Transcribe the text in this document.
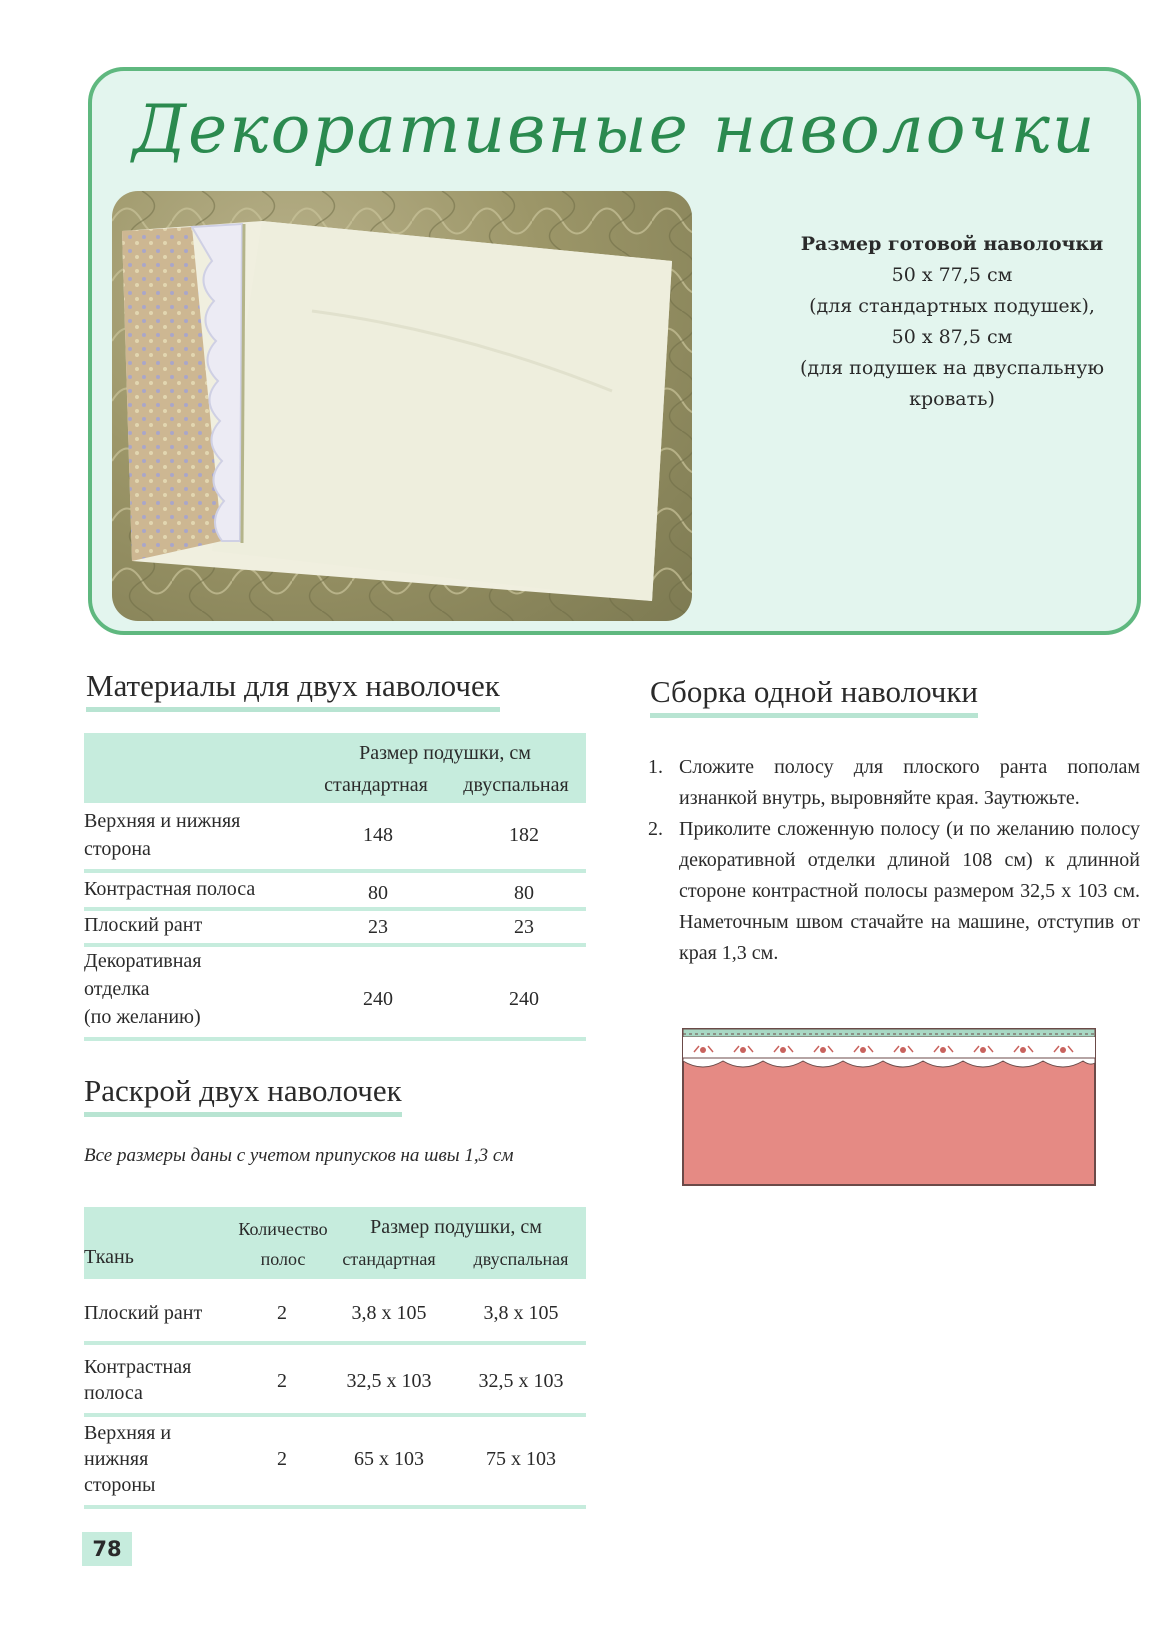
Декоративные наволочки
Размер готовой наволочки
50 x 77,5 см
(для стандартных подушек),
50 x 87,5 см
(для подушек на двуспальную
кровать)
Материалы для двух наволочек
Размер подушки, см
стандартная	двуспальная
Верхняя и нижняя
сторона
148	182
Контрастная полоса	80	80
Плоский рант	23	23
Декоративная
отделка
(по желанию)
240	240
Раскрой двух наволочек
Все размеры даны с учетом припусков на швы 1,3 см
Ткань
Количество
полос
Размер подушки, см
стандартная	двуспальная
Плоский рант	2	3,8 x 105	3,8 x 105
Контрастная
полоса
2	32,5 x 103	32,5 x 103
Верхняя и
нижняя
стороны
2	65 x 103	75 x 103
Сборка одной наволочки
1. Сложите полосу для плоского ранта пополам изнанкой внутрь, выровняйте края. Заутюжьте.
2. Приколите сложенную полосу (и по желанию полосу декоративной отделки длиной 108 см) к длинной стороне контрастной полосы размером 32,5 x 103 см. Наметочным швом стачайте на машине, отступив от края 1,3 см.
78
